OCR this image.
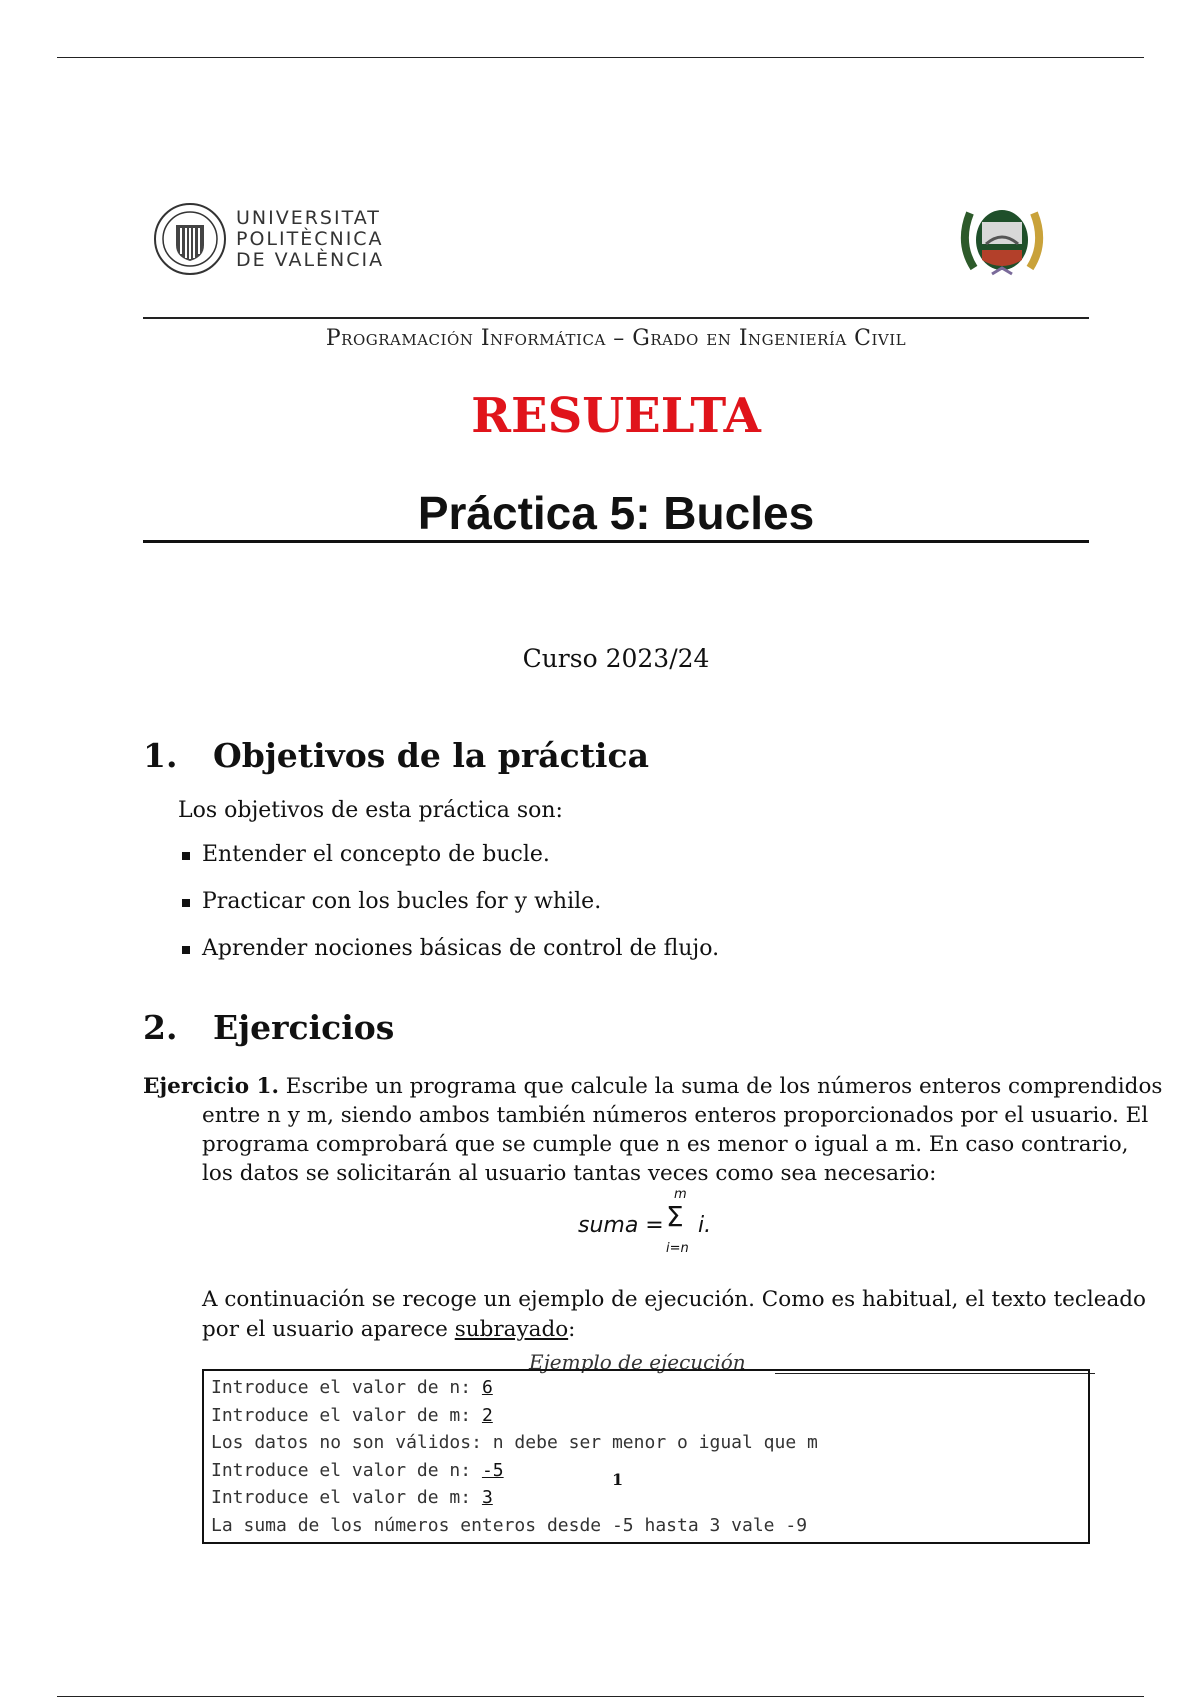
UNIVERSITAT
POLITÈCNICA
DE VALÈNCIA
Programación Informática – Grado en Ingeniería Civil
RESUELTA
Práctica 5: Bucles
Curso 2023/24
1. Objetivos de la práctica
Los objetivos de esta práctica son:
Entender el concepto de bucle.
Practicar con los bucles for y while.
Aprender nociones básicas de control de flujo.
2. Ejercicios
Ejercicio 1. Escribe un programa que calcule la suma de los números enteros comprendidos
entre n y m, siendo ambos también números enteros proporcionados por el usuario. El
programa comprobará que se cumple que n es menor o igual a m. En caso contrario,
los datos se solicitarán al usuario tantas veces como sea necesario:
suma =
m
Σ
i=n
i.
A continuación se recoge un ejemplo de ejecución. Como es habitual, el texto tecleado
por el usuario aparece subrayado:
Ejemplo de ejecución
Introduce el valor de n: 6
Introduce el valor de m: 2
Los datos no son válidos: n debe ser menor o igual que m
Introduce el valor de n: -5
Introduce el valor de m: 3
La suma de los números enteros desde -5 hasta 3 vale -9
1
